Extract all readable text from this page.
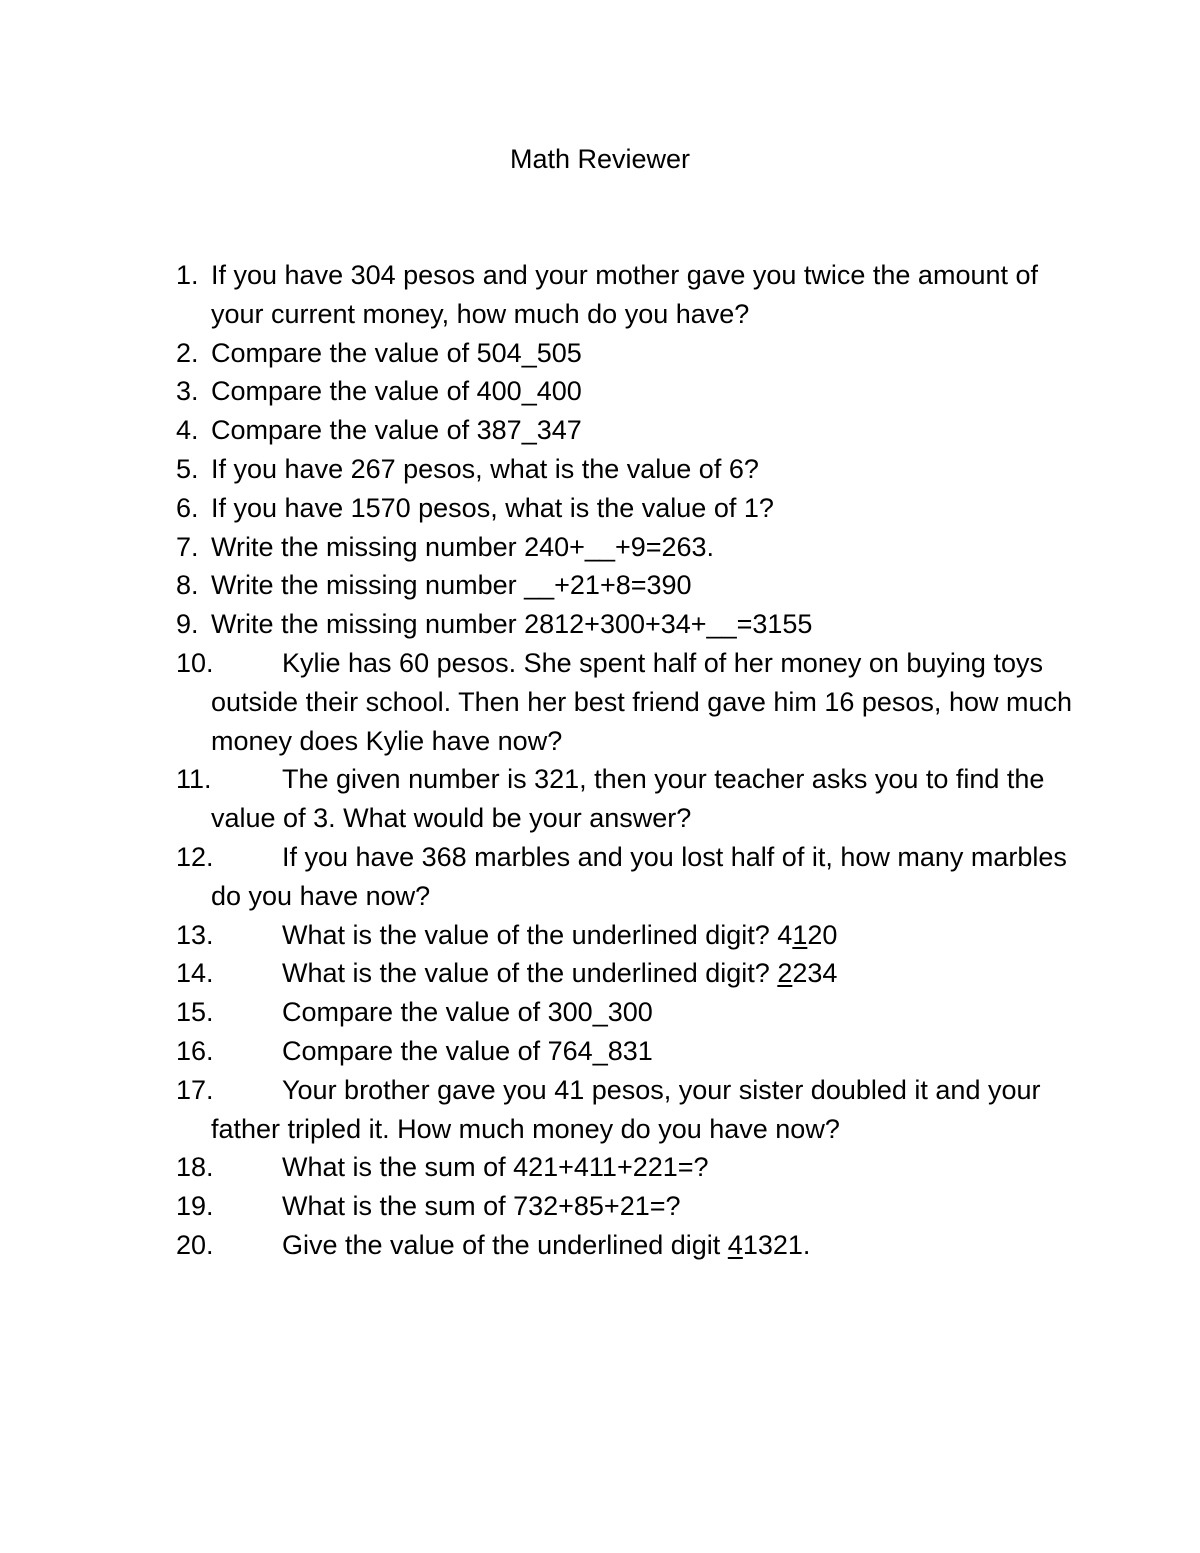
Math Reviewer
1. If you have 304 pesos and your mother gave you twice the amount of your current money, how much do you have?
2. Compare the value of 504_505
3. Compare the value of 400_400
4. Compare the value of 387_347
5. If you have 267 pesos, what is the value of 6?
6. If you have 1570 pesos, what is the value of 1?
7. Write the missing number 240+__+9=263.
8. Write the missing number __+21+8=390
9. Write the missing number 2812+300+34+__=3155
10.	Kylie has 60 pesos. She spent half of her money on buying toys outside their school. Then her best friend gave him 16 pesos, how much money does Kylie have now?
11.	The given number is 321, then your teacher asks you to find the value of 3. What would be your answer?
12.	If you have 368 marbles and you lost half of it, how many marbles do you have now?
13.	What is the value of the underlined digit? 4120
14.	What is the value of the underlined digit? 2234
15.	Compare the value of 300_300
16.	Compare the value of 764_831
17.	Your brother gave you 41 pesos, your sister doubled it and your father tripled it. How much money do you have now?
18.	What is the sum of 421+411+221=?
19.	What is the sum of 732+85+21=?
20.	Give the value of the underlined digit 41321.
